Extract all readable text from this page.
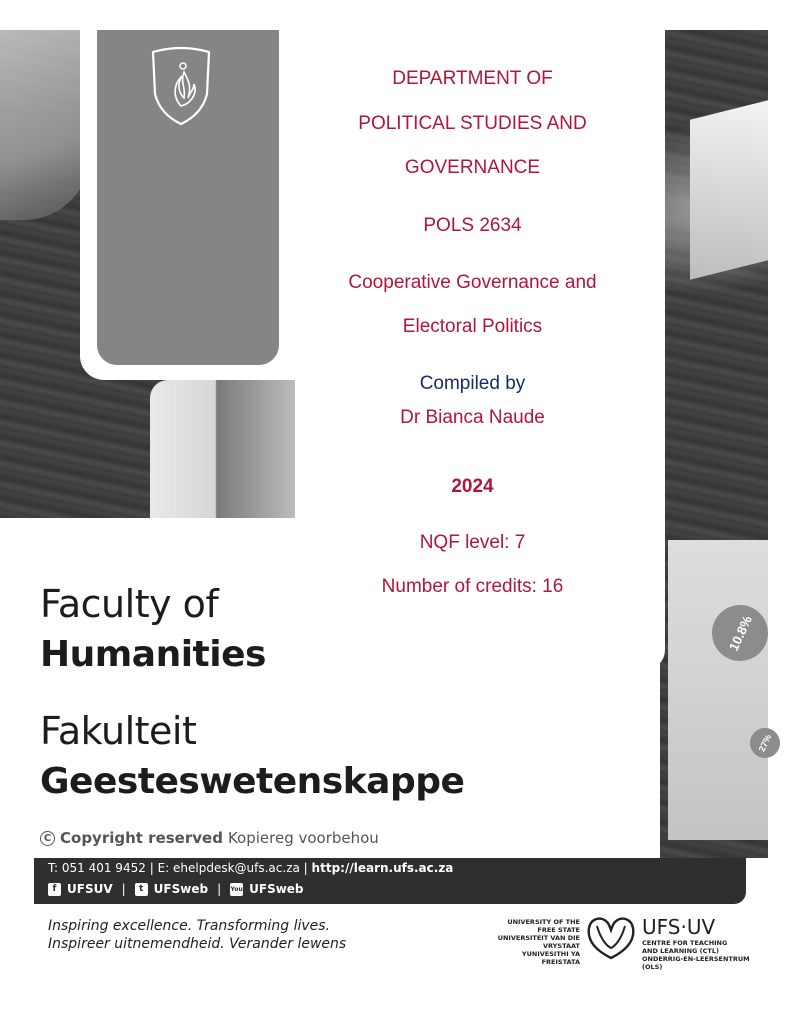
10.8%
27%
DEPARTMENT OF
POLITICAL STUDIES AND
GOVERNANCE
POLS 2634
Cooperative Governance and
Electoral Politics
Compiled by
Dr Bianca Naude
2024
NQF level: 7
Number of credits: 16
Faculty of
Humanities
Fakulteit
Geesteswetenskappe
C Copyright reserved Kopiereg voorbehou
T: 051 401 9452 | E: ehelpdesk@ufs.ac.za | http://learn.ufs.ac.za
f UFSUV |	t UFSweb | You UFSweb
Inspiring excellence. Transforming lives.
Inspireer uitnemendheid. Verander lewens
UNIVERSITY OF THE
FREE STATE
UNIVERSITEIT VAN DIE
VRYSTAAT
YUNIVESITHI YA
FREISTATA
UFS·UV
CENTRE FOR TEACHING
AND LEARNING (CTL)
ONDERRIG-EN-LEERSENTRUM
(OLS)
